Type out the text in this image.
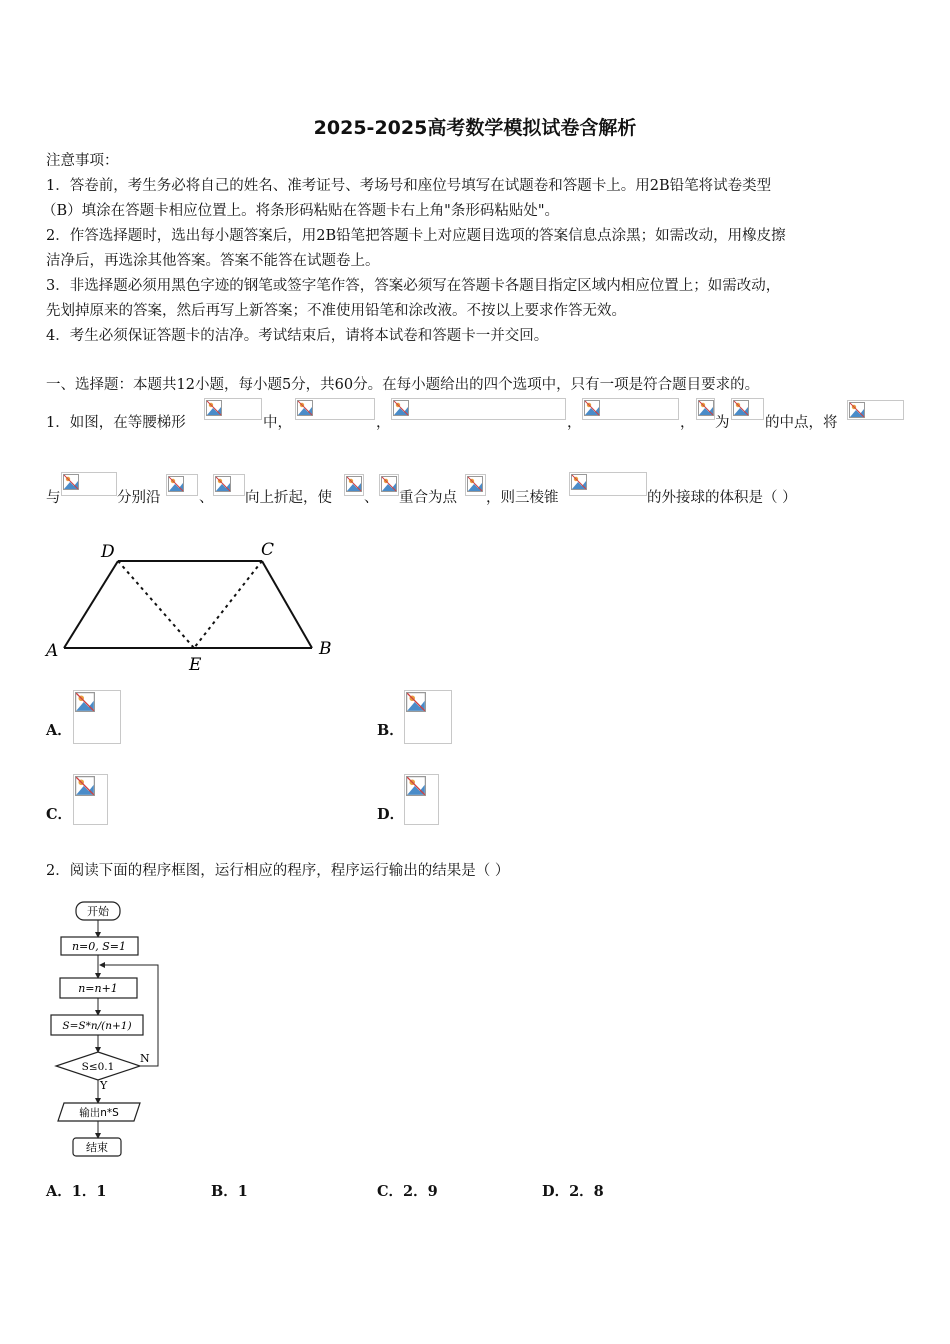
2025-2025高考数学模拟试卷含解析
注意事项：
1．答卷前，考生务必将自己的姓名、准考证号、考场号和座位号填写在试题卷和答题卡上。用2B铅笔将试卷类型
（B）填涂在答题卡相应位置上。将条形码粘贴在答题卡右上角"条形码粘贴处"。
2．作答选择题时，选出每小题答案后，用2B铅笔把答题卡上对应题目选项的答案信息点涂黑；如需改动，用橡皮擦
洁净后，再选涂其他答案。答案不能答在试题卷上。
3．非选择题必须用黑色字迹的钢笔或签字笔作答，答案必须写在答题卡各题目指定区域内相应位置上；如需改动，
先划掉原来的答案，然后再写上新答案；不准使用铅笔和涂改液。不按以上要求作答无效。
4．考生必须保证答题卡的洁净。考试结束后，请将本试卷和答题卡一并交回。
一、选择题：本题共12小题，每小题5分，共60分。在每小题给出的四个选项中，只有一项是符合题目要求的。
1．如图，在等腰梯形	中，	，	，	， 为 的中点，将
与	分别沿	、 向上折起，使 、 重合为点 ，则三棱锥	的外接球的体积是（ ）
A	B
C
D
E
A．	B．
C．	D．
2．阅读下面的程序框图，运行相应的程序，程序运行输出的结果是（ ）
开始
n=0, S=1
n=n+1
S=S*n/(n+1)
S≤0.1
N
Y
输出n*S
结束
A．1．1	B．1	C．2．9	D．2．8
